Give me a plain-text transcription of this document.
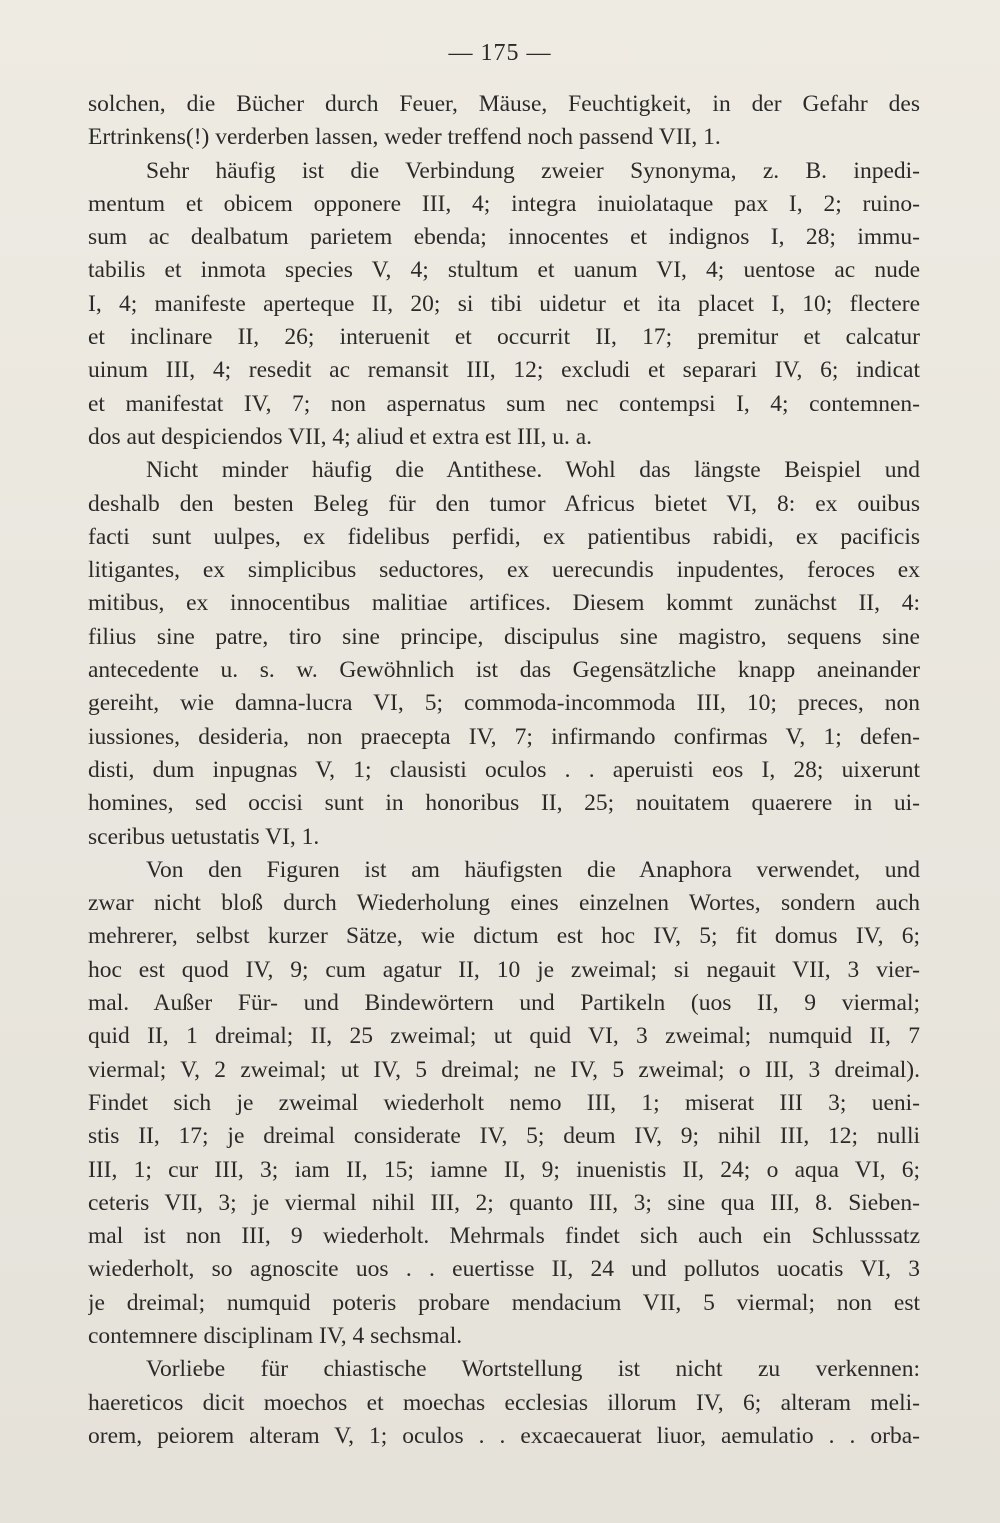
— 175 —
solchen, die Bücher durch Feuer, Mäuse, Feuchtigkeit, in der Gefahr des
Ertrinkens(!) verderben lassen, weder treffend noch passend VII, 1.
Sehr häufig ist die Verbindung zweier Synonyma, z. B. inpedi-
mentum et obicem opponere III, 4; integra inuiolataque pax I, 2; ruino-
sum ac dealbatum parietem ebenda; innocentes et indignos I, 28; immu-
tabilis et inmota species V, 4; stultum et uanum VI, 4; uentose ac nude
I, 4; manifeste aperteque II, 20; si tibi uidetur et ita placet I, 10; flectere
et inclinare II, 26; interuenit et occurrit II, 17; premitur et calcatur
uinum III, 4; resedit ac remansit III, 12; excludi et separari IV, 6; indicat
et manifestat IV, 7; non aspernatus sum nec contempsi I, 4; contemnen-
dos aut despiciendos VII, 4; aliud et extra est III, u. a.
Nicht minder häufig die Antithese. Wohl das längste Beispiel und
deshalb den besten Beleg für den tumor Africus bietet VI, 8: ex ouibus
facti sunt uulpes, ex fidelibus perfidi, ex patientibus rabidi, ex pacificis
litigantes, ex simplicibus seductores, ex uerecundis inpudentes, feroces ex
mitibus, ex innocentibus malitiae artifices. Diesem kommt zunächst II, 4:
filius sine patre, tiro sine principe, discipulus sine magistro, sequens sine
antecedente u. s. w. Gewöhnlich ist das Gegensätzliche knapp aneinander
gereiht, wie damna-lucra VI, 5; commoda-incommoda III, 10; preces, non
iussiones, desideria, non praecepta IV, 7; infirmando confirmas V, 1; defen-
disti, dum inpugnas V, 1; clausisti oculos . . aperuisti eos I, 28; uixerunt
homines, sed occisi sunt in honoribus II, 25; nouitatem quaerere in ui-
sceribus uetustatis VI, 1.
Von den Figuren ist am häufigsten die Anaphora verwendet, und
zwar nicht bloß durch Wiederholung eines einzelnen Wortes, sondern auch
mehrerer, selbst kurzer Sätze, wie dictum est hoc IV, 5; fit domus IV, 6;
hoc est quod IV, 9; cum agatur II, 10 je zweimal; si negauit VII, 3 vier-
mal. Außer Für- und Bindewörtern und Partikeln (uos II, 9 viermal;
quid II, 1 dreimal; II, 25 zweimal; ut quid VI, 3 zweimal; numquid II, 7
viermal; V, 2 zweimal; ut IV, 5 dreimal; ne IV, 5 zweimal; o III, 3 dreimal).
Findet sich je zweimal wiederholt nemo III, 1; miserat III 3; ueni-
stis II, 17; je dreimal considerate IV, 5; deum IV, 9; nihil III, 12; nulli
III, 1; cur III, 3; iam II, 15; iamne II, 9; inuenistis II, 24; o aqua VI, 6;
ceteris VII, 3; je viermal nihil III, 2; quanto III, 3; sine qua III, 8. Sieben-
mal ist non III, 9 wiederholt. Mehrmals findet sich auch ein Schlusssatz
wiederholt, so agnoscite uos . . euertisse II, 24 und pollutos uocatis VI, 3
je dreimal; numquid poteris probare mendacium VII, 5 viermal; non est
contemnere disciplinam IV, 4 sechsmal.
Vorliebe für chiastische Wortstellung ist nicht zu verkennen:
haereticos dicit moechos et moechas ecclesias illorum IV, 6; alteram meli-
orem, peiorem alteram V, 1; oculos . . excaecauerat liuor, aemulatio . . orba-
